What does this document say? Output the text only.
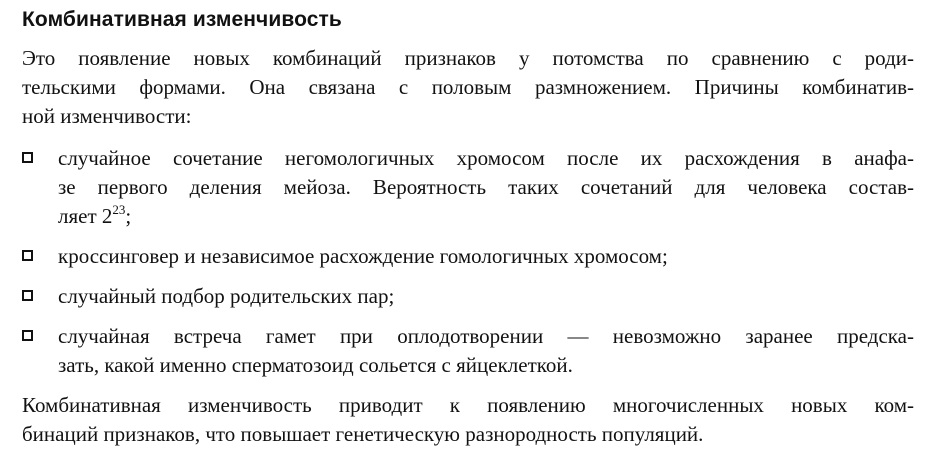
Комбинативная изменчивость
Это появление новых комбинаций признаков у потомства по сравнению с роди-
тельскими формами. Она связана с половым размножением. Причины комбинатив-
ной изменчивости:
случайное сочетание негомологичных хромосом после их расхождения в анафа-
зе первого деления мейоза. Вероятность таких сочетаний для человека состав-
ляет $2^{23}$;
кроссинговер и независимое расхождение гомологичных хромосом;
случайный подбор родительских пар;
случайная встреча гамет при оплодотворении — невозможно заранее предска-
зать, какой именно сперматозоид сольется с яйцеклеткой.
Комбинативная изменчивость приводит к появлению многочисленных новых ком-
бинаций признаков, что повышает генетическую разнородность популяций.
